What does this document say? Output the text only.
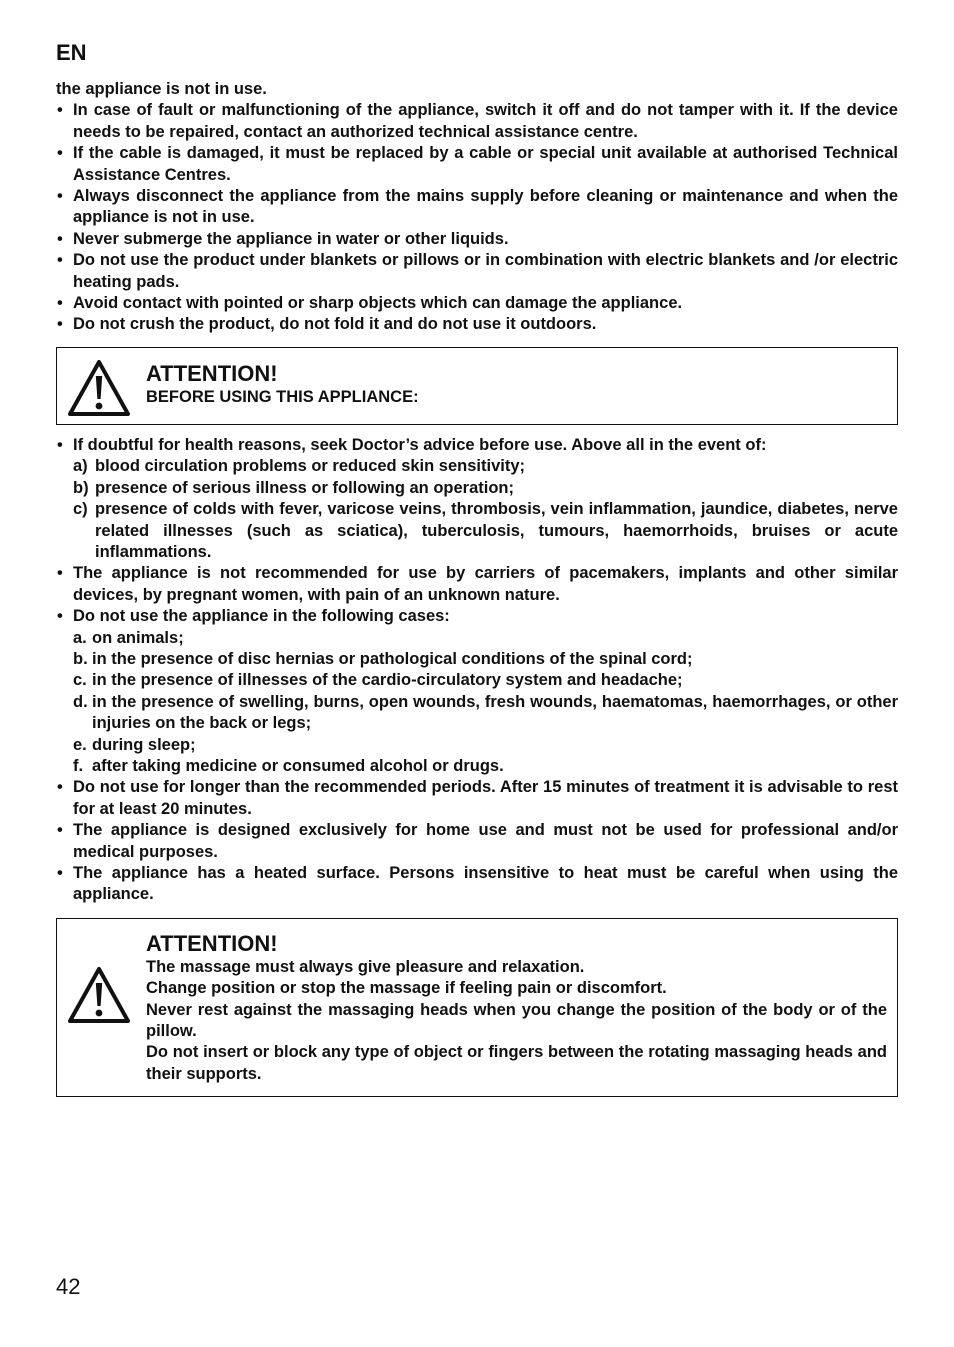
EN

the appliance is not in use.

• In case of fault or malfunctioning of the appliance, switch it off and do not tamper with it. If the device needs to be repaired, contact an authorized technical assistance centre.
• If the cable is damaged, it must be replaced by a cable or special unit available at authorised Technical Assistance Centres.
• Always disconnect the appliance from the mains supply before cleaning or maintenance and when the appliance is not in use.
• Never submerge the appliance in water or other liquids.
• Do not use the product under blankets or pillows or in combination with electric blankets and /or electric heating pads.
• Avoid contact with pointed or sharp objects which can damage the appliance.
• Do not crush the product, do not fold it and do not use it outdoors.

ATTENTION!

BEFORE USING THIS APPLIANCE:

• If doubtful for health reasons, seek Doctor’s advice before use. Above all in the event of:
a) blood circulation problems or reduced skin sensitivity;
b) presence of serious illness or following an operation;
c) presence of colds with fever, varicose veins, thrombosis, vein inflammation, jaundice, diabetes, nerve related illnesses (such as sciatica), tuberculosis, tumours, haemorrhoids, bruises or acute inflammations.
• The appliance is not recommended for use by carriers of pacemakers, implants and other similar devices, by pregnant women, with pain of an unknown nature.
• Do not use the appliance in the following cases:
a. on animals;
b. in the presence of disc hernias or pathological conditions of the spinal cord;
c. in the presence of illnesses of the cardio-circulatory system and headache;
d. in the presence of swelling, burns, open wounds, fresh wounds, haematomas, haemorrhages, or other injuries on the back or legs;
e. during sleep;
f. after taking medicine or consumed alcohol or drugs.
• Do not use for longer than the recommended periods. After 15 minutes of treatment it is advisable to rest for at least 20 minutes.
• The appliance is designed exclusively for home use and must not be used for professional and/or medical purposes.
• The appliance has a heated surface. Persons insensitive to heat must be careful when using the appliance.

ATTENTION!

The massage must always give pleasure and relaxation.

Change position or stop the massage if feeling pain or discomfort.

Never rest against the massaging heads when you change the position of the body or of the pillow.

Do not insert or block any type of object or fingers between the rotating massaging heads and their supports.

42
